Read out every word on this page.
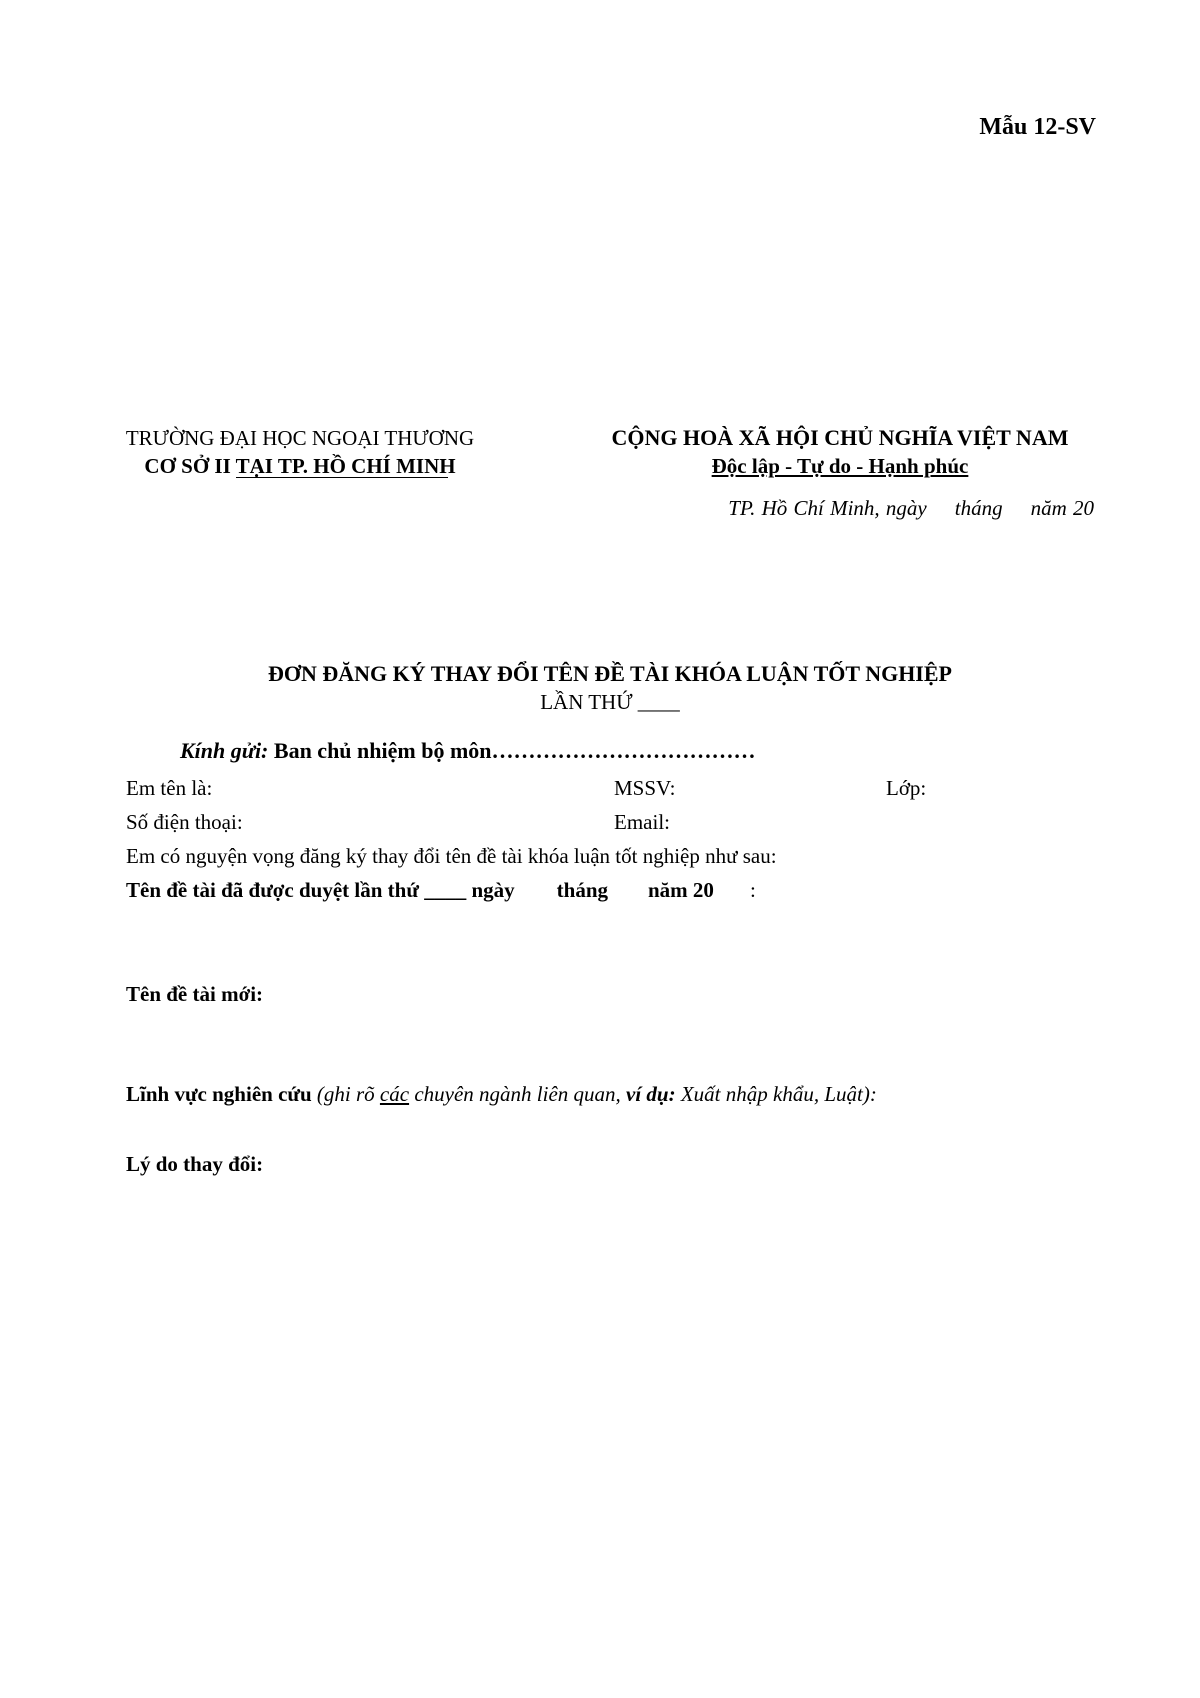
Mẫu 12-SV
TRƯỜNG ĐẠI HỌC NGOẠI THƯƠNG
CƠ SỞ II TẠI TP. HỒ CHÍ MINH
CỘNG HOÀ XÃ HỘI CHỦ NGHĨA VIỆT NAM
Độc lập - Tự do - Hạnh phúc
TP. Hồ Chí Minh, ngày tháng năm 20
ĐƠN ĐĂNG KÝ THAY ĐỔI TÊN ĐỀ TÀI KHÓA LUẬN TỐT NGHIỆP
LẦN THỨ ____
Kính gửi: Ban chủ nhiệm bộ môn………………………………
Em tên là:	MSSV:	Lớp:
Số điện thoại:	Email:
Em có nguyện vọng đăng ký thay đổi tên đề tài khóa luận tốt nghiệp như sau:
Tên đề tài đã được duyệt lần thứ ____ ngày tháng năm 20 :
Tên đề tài mới:
Lĩnh vực nghiên cứu (ghi rõ các chuyên ngành liên quan, ví dụ: Xuất nhập khẩu, Luật):
Lý do thay đổi:
